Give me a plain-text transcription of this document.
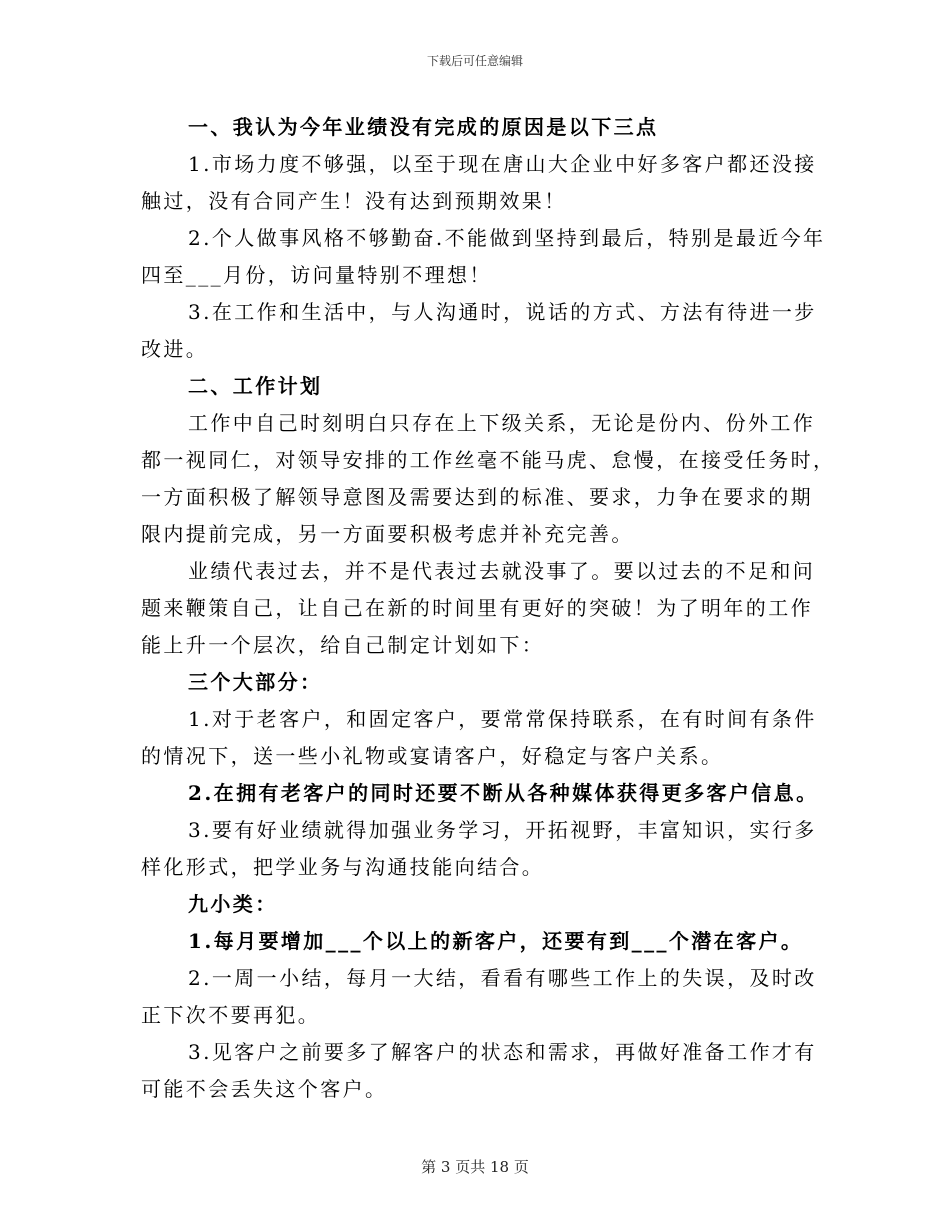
下载后可任意编辑
一、我认为今年业绩没有完成的原因是以下三点
1.市场力度不够强，以至于现在唐山大企业中好多客户都还没接
触过，没有合同产生！没有达到预期效果！
2.个人做事风格不够勤奋.不能做到坚持到最后，特别是最近今年
四至___月份，访问量特别不理想！
3.在工作和生活中，与人沟通时，说话的方式、方法有待进一步
改进。
二、工作计划
工作中自己时刻明白只存在上下级关系，无论是份内、份外工作
都一视同仁，对领导安排的工作丝毫不能马虎、怠慢，在接受任务时，
一方面积极了解领导意图及需要达到的标准、要求，力争在要求的期
限内提前完成，另一方面要积极考虑并补充完善。
业绩代表过去，并不是代表过去就没事了。要以过去的不足和问
题来鞭策自己，让自己在新的时间里有更好的突破！为了明年的工作
能上升一个层次，给自己制定计划如下：
三个大部分：
1.对于老客户，和固定客户，要常常保持联系，在有时间有条件
的情况下，送一些小礼物或宴请客户，好稳定与客户关系。
2.在拥有老客户的同时还要不断从各种媒体获得更多客户信息。
3.要有好业绩就得加强业务学习，开拓视野，丰富知识，实行多
样化形式，把学业务与沟通技能向结合。
九小类：
1.每月要增加___个以上的新客户，还要有到___个潜在客户。
2.一周一小结，每月一大结，看看有哪些工作上的失误，及时改
正下次不要再犯。
3.见客户之前要多了解客户的状态和需求，再做好准备工作才有
可能不会丢失这个客户。
第 3 页共 18 页
